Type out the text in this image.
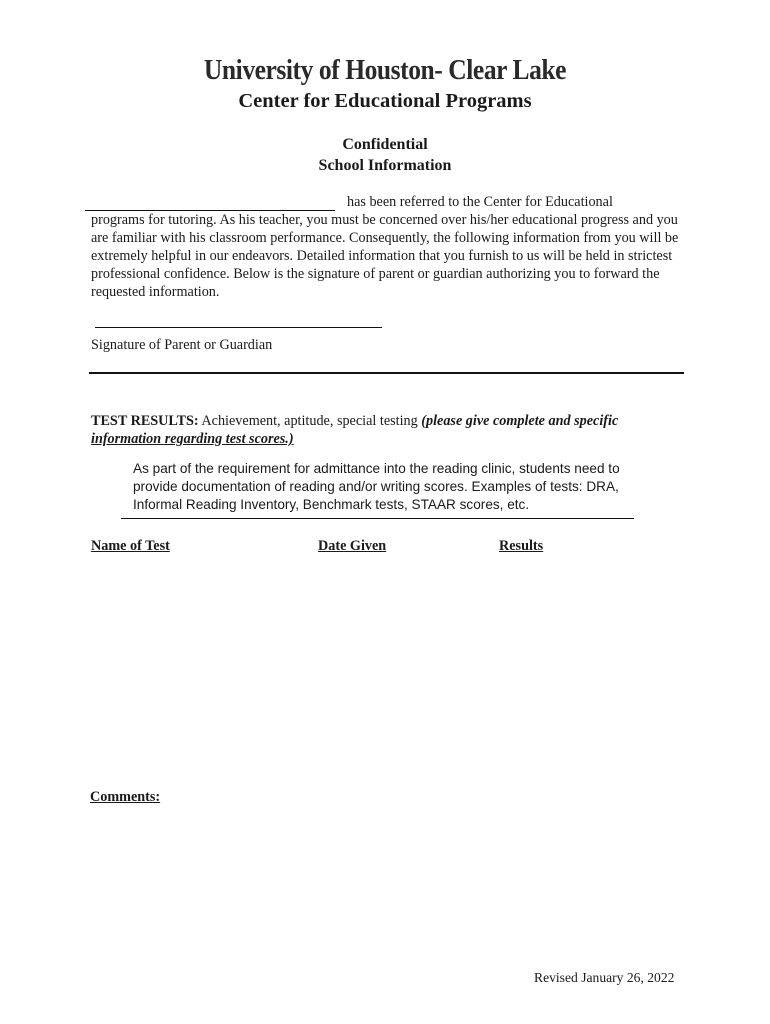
University of Houston- Clear Lake
Center for Educational Programs
Confidential
School Information
has been referred to the Center for Educational
programs for tutoring. As his teacher, you must be concerned over his/her educational progress and you are familiar with his classroom performance. Consequently, the following information from you will be extremely helpful in our endeavors. Detailed information that you furnish to us will be held in strictest professional confidence. Below is the signature of parent or guardian authorizing you to forward the requested information.
Signature of Parent or Guardian
TEST RESULTS: Achievement, aptitude, special testing (please give complete and specific
information regarding test scores.)
As part of the requirement for admittance into the reading clinic, students need to provide documentation of reading and/or writing scores. Examples of tests: DRA, Informal Reading Inventory, Benchmark tests, STAAR scores, etc.
Name of Test	Date Given	Results
Comments:
Revised January 26, 2022
